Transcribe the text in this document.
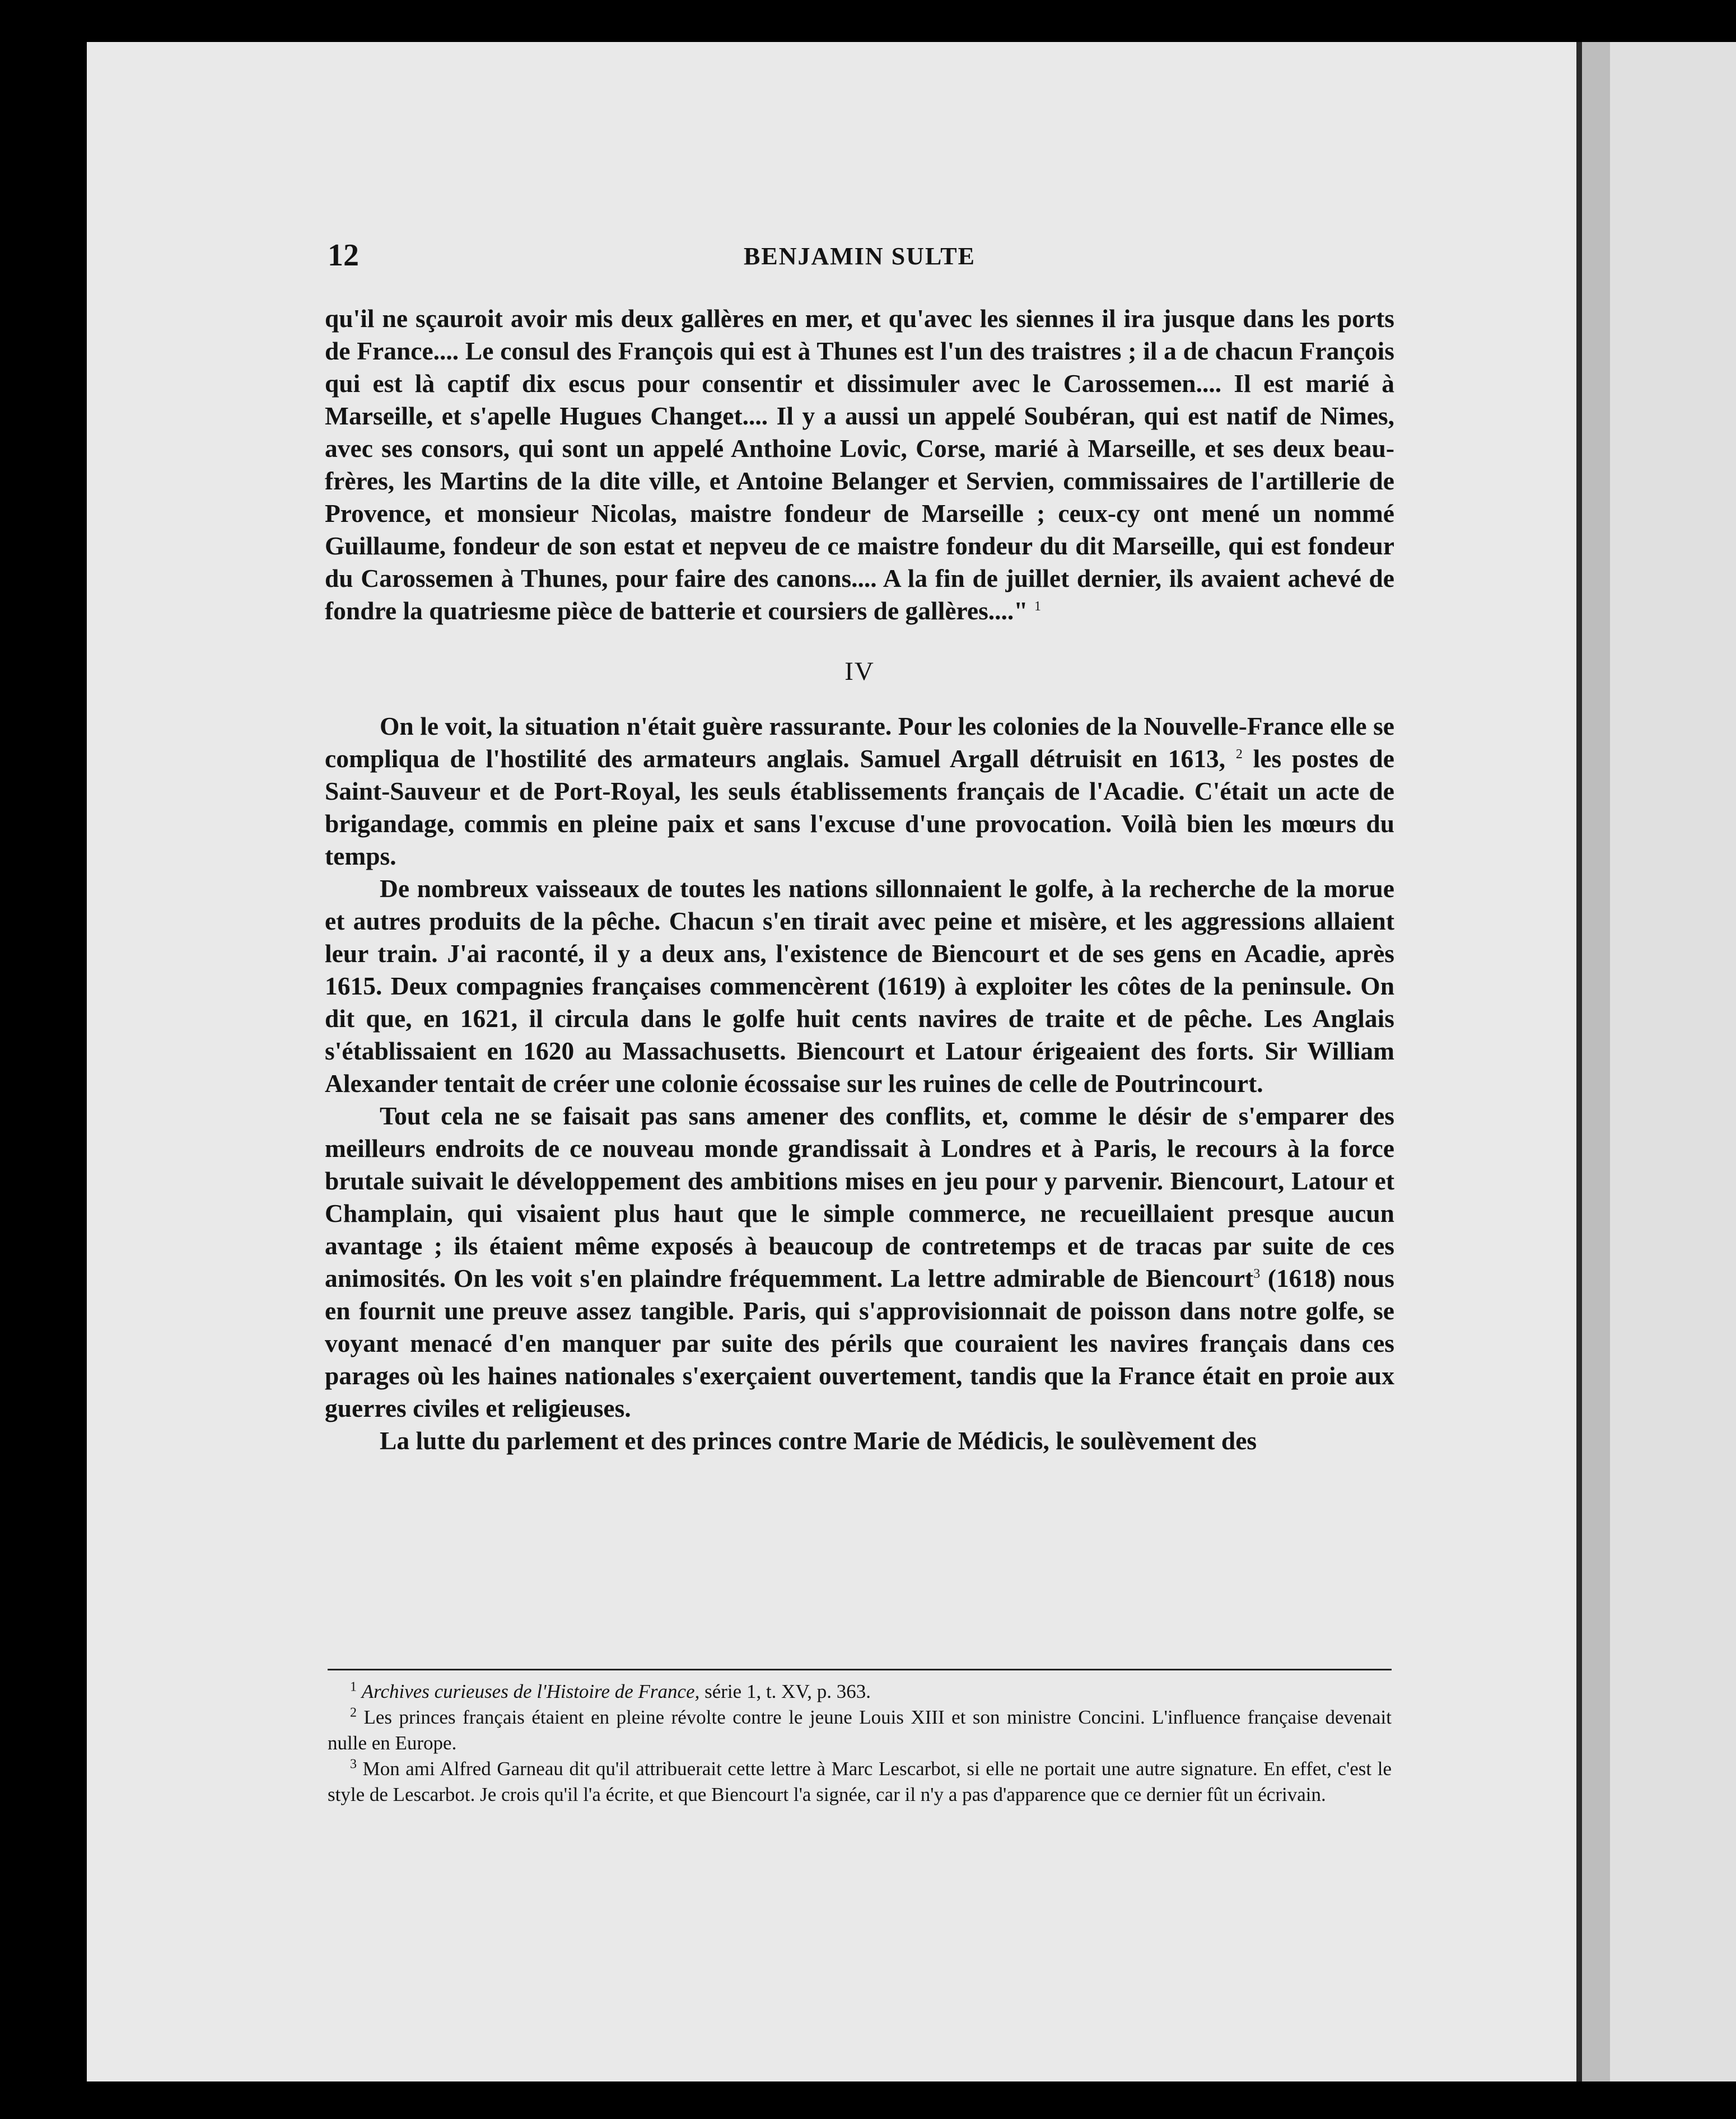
12	BENJAMIN SULTE

qu'il ne sçauroit avoir mis deux gallères en mer, et qu'avec les siennes il ira jusque dans les ports de France.... Le consul des François qui est à Thunes est l'un des traistres ; il a de chacun François qui est là captif dix escus pour consentir et dissimuler avec le Carossemen.... Il est marié à Marseille, et s'apelle Hugues Changet.... Il y a aussi un appelé Soubéran, qui est natif de Nimes, avec ses consors, qui sont un appelé Anthoine Lovic, Corse, marié à Marseille, et ses deux beau-frères, les Martins de la dite ville, et Antoine Belanger et Servien, commissaires de l'artillerie de Provence, et monsieur Nicolas, maistre fondeur de Marseille ; ceux-cy ont mené un nommé Guillaume, fondeur de son estat et nepveu de ce maistre fondeur du dit Marseille, qui est fondeur du Carossemen à Thunes, pour faire des canons.... A la fin de juillet dernier, ils avaient achevé de fondre la quatriesme pièce de batterie et coursiers de gallères...." $^1$

IV

On le voit, la situation n'était guère rassurante. Pour les colonies de la Nouvelle-France elle se compliqua de l'hostilité des armateurs anglais. Samuel Argall détruisit en 1613, $^2$ les postes de Saint-Sauveur et de Port-Royal, les seuls établissements français de l'Acadie. C'était un acte de brigandage, commis en pleine paix et sans l'excuse d'une provocation. Voilà bien les mœurs du temps.

De nombreux vaisseaux de toutes les nations sillonnaient le golfe, à la recherche de la morue et autres produits de la pêche. Chacun s'en tirait avec peine et misère, et les aggressions allaient leur train. J'ai raconté, il y a deux ans, l'existence de Biencourt et de ses gens en Acadie, après 1615. Deux compagnies françaises commencèrent (1619) à exploiter les côtes de la peninsule. On dit que, en 1621, il circula dans le golfe huit cents navires de traite et de pêche. Les Anglais s'établissaient en 1620 au Massachusetts. Biencourt et Latour érigeaient des forts. Sir William Alexander tentait de créer une colonie écossaise sur les ruines de celle de Poutrincourt.

Tout cela ne se faisait pas sans amener des conflits, et, comme le désir de s'emparer des meilleurs endroits de ce nouveau monde grandissait à Londres et à Paris, le recours à la force brutale suivait le développement des ambitions mises en jeu pour y parvenir. Biencourt, Latour et Champlain, qui visaient plus haut que le simple commerce, ne recueillaient presque aucun avantage ; ils étaient même exposés à beaucoup de contretemps et de tracas par suite de ces animosités. On les voit s'en plaindre fréquemment. La lettre admirable de Biencourt$^3$ (1618) nous en fournit une preuve assez tangible. Paris, qui s'approvisionnait de poisson dans notre golfe, se voyant menacé d'en manquer par suite des périls que couraient les navires français dans ces parages où les haines nationales s'exerçaient ouvertement, tandis que la France était en proie aux guerres civiles et religieuses.

La lutte du parlement et des princes contre Marie de Médicis, le soulèvement des

$^1$ Archives curieuses de l'Histoire de France, série 1, t. XV, p. 363.

$^2$ Les princes français étaient en pleine révolte contre le jeune Louis XIII et son ministre Concini. L'influence française devenait nulle en Europe.

$^3$ Mon ami Alfred Garneau dit qu'il attribuerait cette lettre à Marc Lescarbot, si elle ne portait une autre signature. En effet, c'est le style de Lescarbot. Je crois qu'il l'a écrite, et que Biencourt l'a signée, car il n'y a pas d'apparence que ce dernier fût un écrivain.
